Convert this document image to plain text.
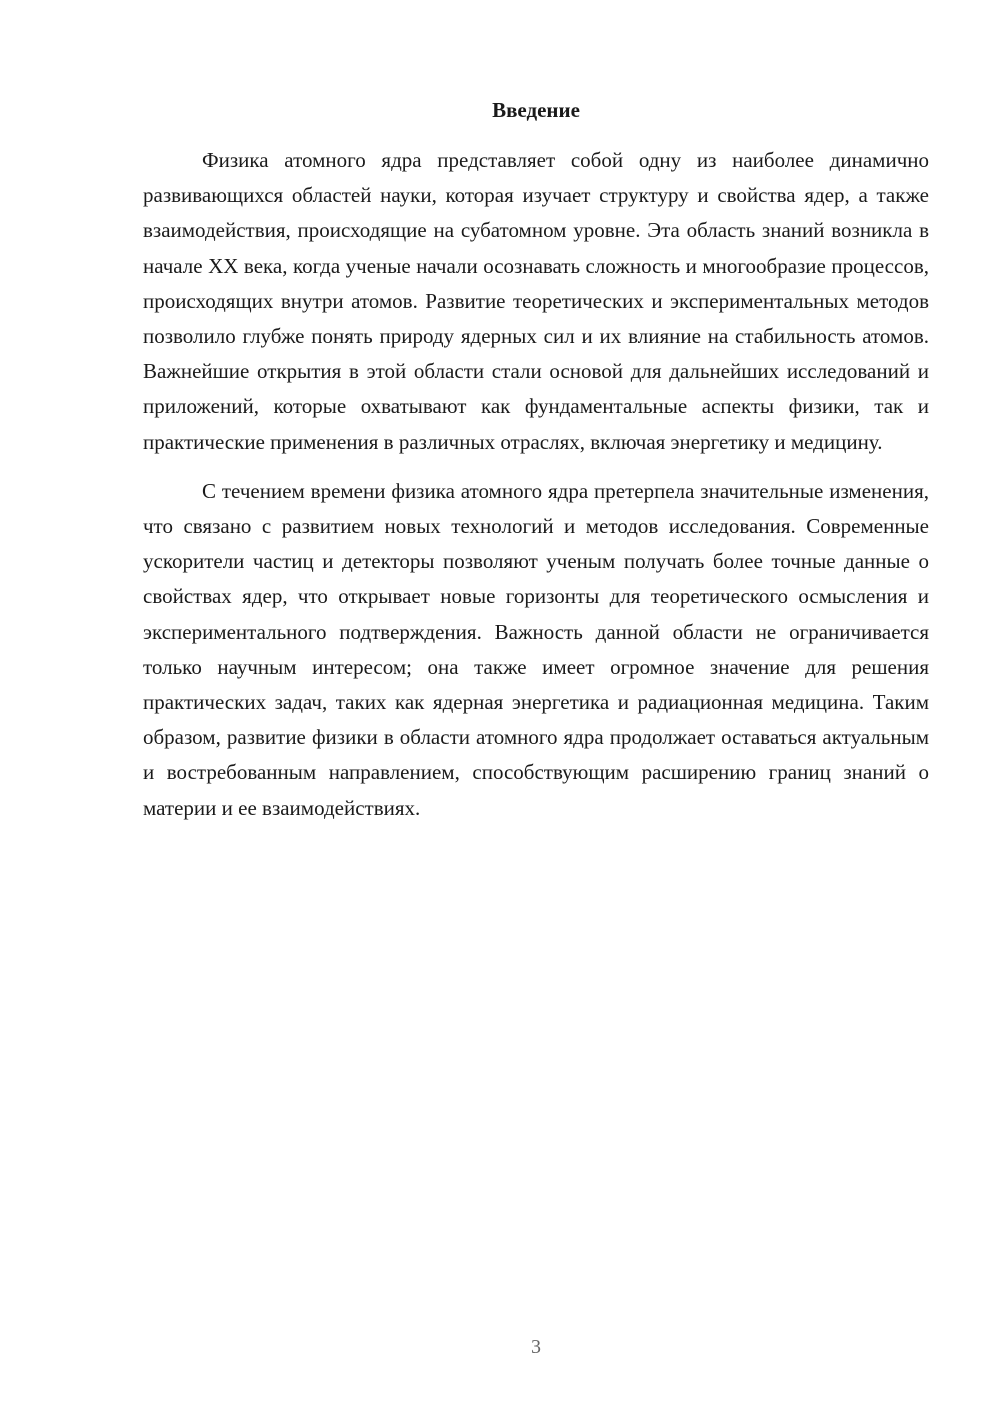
Введение

Физика атомного ядра представляет собой одну из наиболее динамично развивающихся областей науки, которая изучает структуру и свойства ядер, а также взаимодействия, происходящие на субатомном уровне. Эта область знаний возникла в начале XX века, когда ученые начали осознавать сложность и многообразие процессов, происходящих внутри атомов. Развитие теоретических и экспериментальных методов позволило глубже понять природу ядерных сил и их влияние на стабильность атомов. Важнейшие открытия в этой области стали основой для дальнейших исследований и приложений, которые охватывают как фундаментальные аспекты физики, так и практические применения в различных отраслях, включая энергетику и медицину.

С течением времени физика атомного ядра претерпела значительные изменения, что связано с развитием новых технологий и методов исследования. Современные ускорители частиц и детекторы позволяют ученым получать более точные данные о свойствах ядер, что открывает новые горизонты для теоретического осмысления и экспериментального подтверждения. Важность данной области не ограничивается только научным интересом; она также имеет огромное значение для решения практических задач, таких как ядерная энергетика и радиационная медицина. Таким образом, развитие физики в области атомного ядра продолжает оставаться актуальным и востребованным направлением, способствующим расширению границ знаний о материи и ее взаимодействиях.

3
